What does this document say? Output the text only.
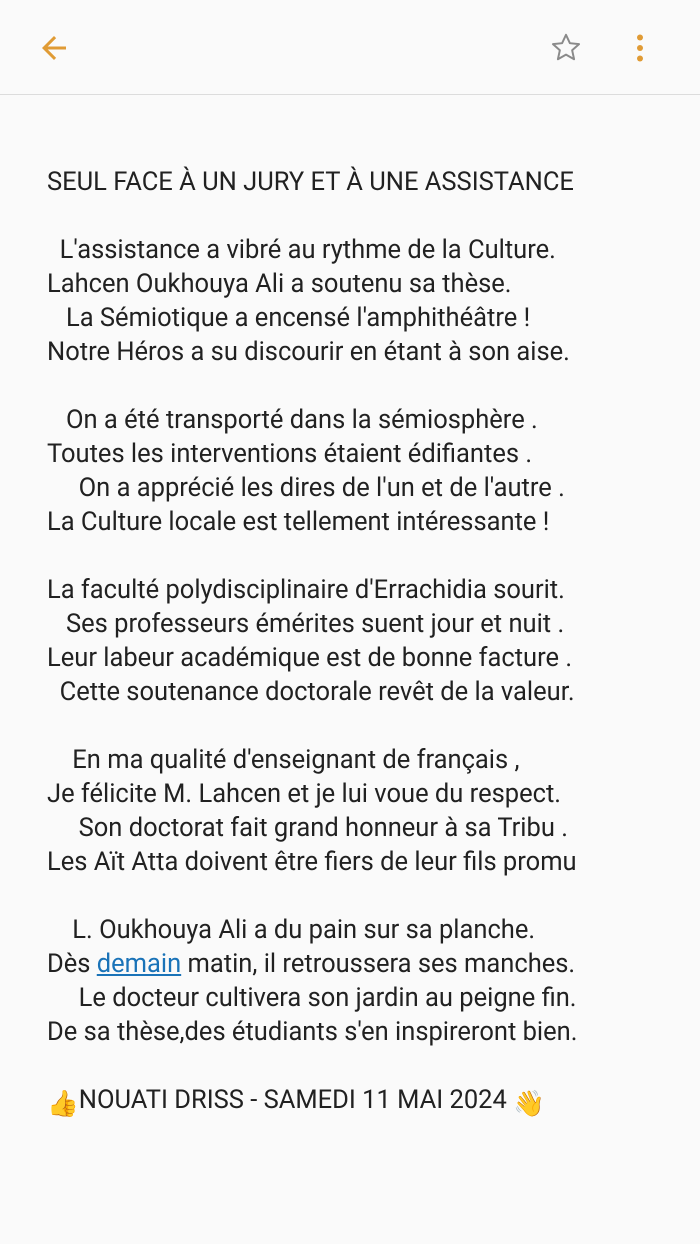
SEUL FACE À UN JURY ET À UNE ASSISTANCE
L'assistance a vibré au rythme de la Culture.
Lahcen Oukhouya Ali a soutenu sa thèse.
La Sémiotique a encensé l'amphithéâtre !
Notre Héros a su discourir en étant à son aise.
On a été transporté dans la sémiosphère .
Toutes les interventions étaient édifiantes .
On a apprécié les dires de l'un et de l'autre .
La Culture locale est tellement intéressante !
La faculté polydisciplinaire d'Errachidia sourit.
Ses professeurs émérites suent jour et nuit .
Leur labeur académique est de bonne facture .
Cette soutenance doctorale revêt de la valeur.
En ma qualité d'enseignant de français ,
Je félicite M. Lahcen et je lui voue du respect.
Son doctorat fait grand honneur à sa Tribu .
Les Aït Atta doivent être fiers de leur fils promu
L. Oukhouya Ali a du pain sur sa planche.
Dès demain matin, il retroussera ses manches.
Le docteur cultivera son jardin au peigne fin.
De sa thèse,des étudiants s'en inspireront bien.
👍NOUATI DRISS - SAMEDI 11 MAI 2024 👋
